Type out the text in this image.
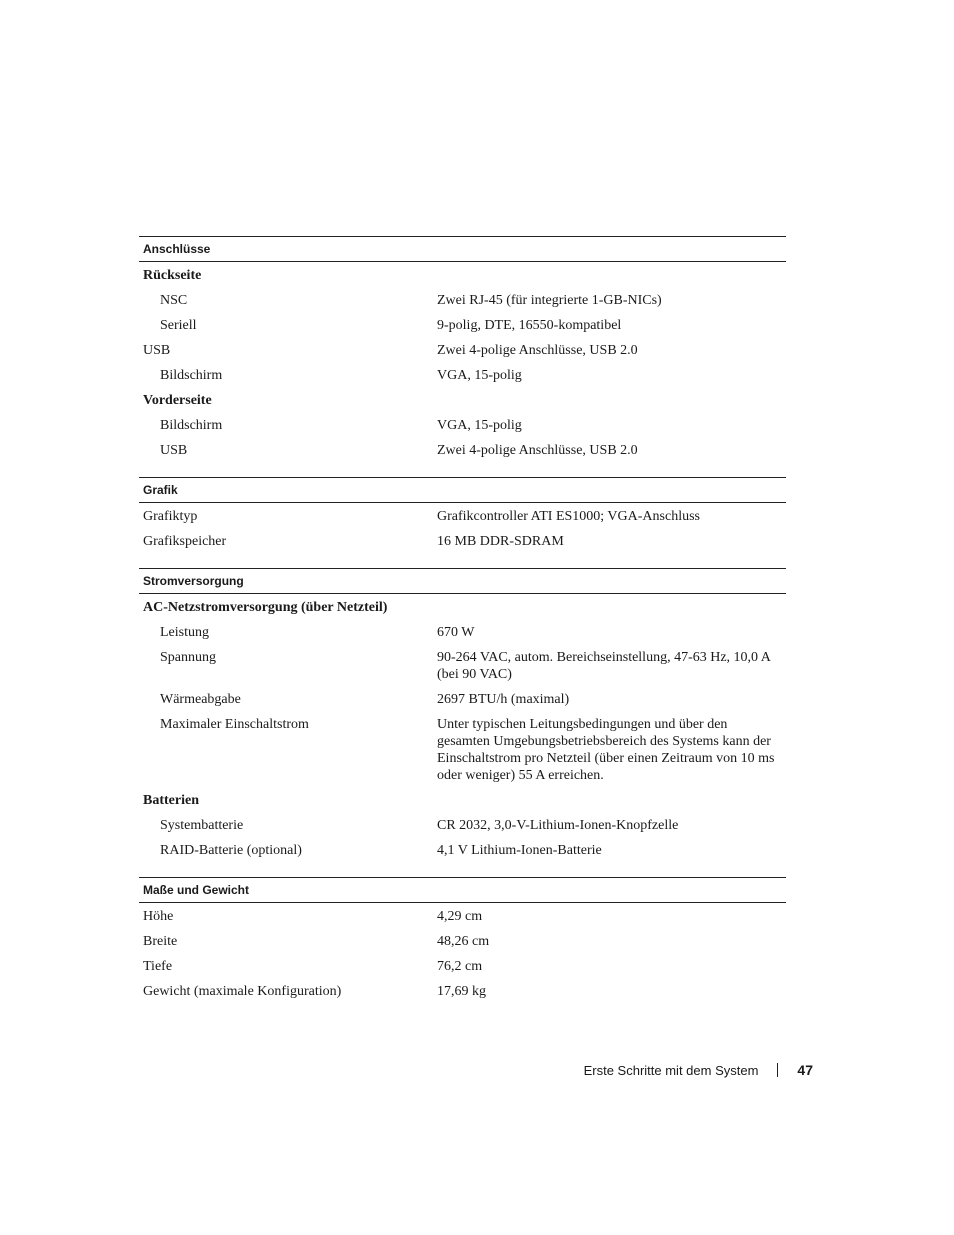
Anschlüsse
Rückseite
NSC	Zwei RJ-45 (für integrierte 1-GB-NICs)
Seriell	9-polig, DTE, 16550-kompatibel
USB	Zwei 4-polige Anschlüsse, USB 2.0
Bildschirm	VGA, 15-polig
Vorderseite
Bildschirm	VGA, 15-polig
USB	Zwei 4-polige Anschlüsse, USB 2.0
Grafik
Grafiktyp	Grafikcontroller ATI ES1000; VGA-Anschluss
Grafikspeicher	16 MB DDR-SDRAM
Stromversorgung
AC-Netzstromversorgung (über Netzteil)
Leistung	670 W
Spannung	90-264 VAC, autom. Bereichseinstellung, 47-63 Hz, 10,0 A (bei 90 VAC)
Wärmeabgabe	2697 BTU/h (maximal)
Maximaler Einschaltstrom	Unter typischen Leitungsbedingungen und über den gesamten Umgebungsbetriebsbereich des Systems kann der Einschaltstrom pro Netzteil (über einen Zeitraum von 10 ms oder weniger) 55 A erreichen.
Batterien
Systembatterie	CR 2032, 3,0-V-Lithium-Ionen-Knopfzelle
RAID-Batterie (optional)	4,1 V Lithium-Ionen-Batterie
Maße und Gewicht
Höhe	4,29 cm
Breite	48,26 cm
Tiefe	76,2 cm
Gewicht (maximale Konfiguration)	17,69 kg
Erste Schritte mit dem System	47
